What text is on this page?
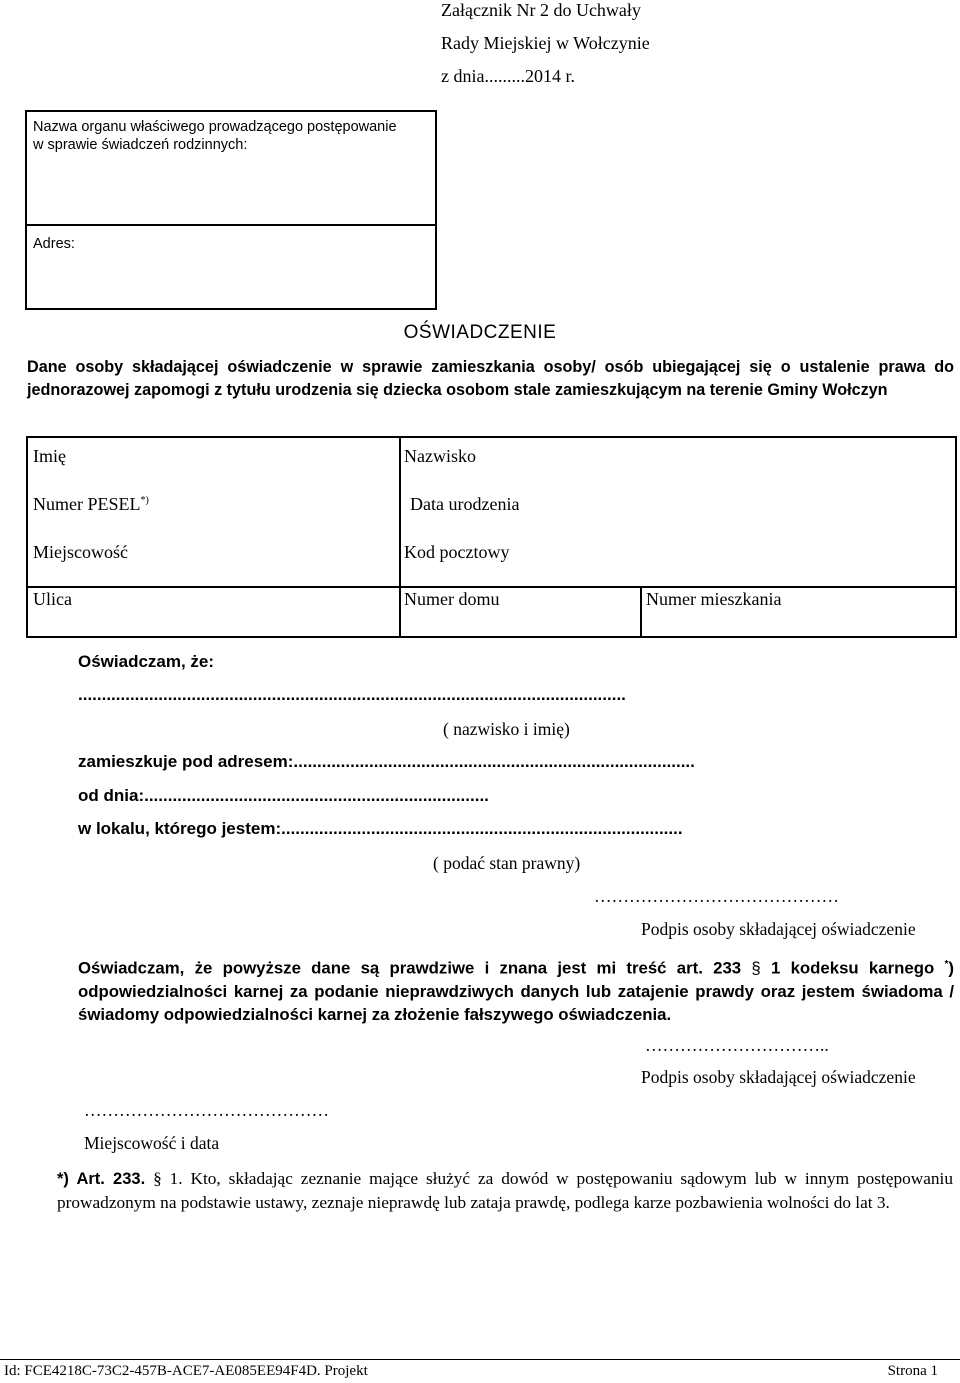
Załącznik Nr 2 do Uchwały
Rady Miejskiej w Wołczynie
z dnia.........2014 r.
Nazwa organu właściwego prowadzącego postępowanie
w sprawie świadczeń rodzinnych:
Adres:
OŚWIADCZENIE
Dane osoby składającej oświadczenie w sprawie zamieszkania osoby/ osób ubiegającej się o ustalenie prawa do jednorazowej zapomogi z tytułu urodzenia się dziecka osobom stale zamieszkującym na terenie Gminy Wołczyn
Imię	Nazwisko
Numer PESEL*)	Data urodzenia
Miejscowość	Kod pocztowy
Ulica	Numer domu	Numer mieszkania
Oświadczam, że:
....................................................................................................................
( nazwisko i imię)
zamieszkuje pod adresem:.....................................................................................
od dnia:.........................................................................
w lokalu, którego jestem:.....................................................................................
( podać stan prawny)
……………………………………
Podpis osoby składającej oświadczenie
Oświadczam, że powyższe dane są prawdziwe i znana jest mi treść art. 233 § 1 kodeksu karnego *) odpowiedzialności karnej za podanie nieprawdziwych danych lub zatajenie prawdy oraz jestem świadoma /świadomy odpowiedzialności karnej za złożenie fałszywego oświadczenia.
…………………………..
Podpis osoby składającej oświadczenie
……………………………………
Miejscowość i data
*) Art. 233. § 1. Kto, składając zeznanie mające służyć za dowód w postępowaniu sądowym lub w innym postępowaniu prowadzonym na podstawie ustawy, zeznaje nieprawdę lub zataja prawdę, podlega karze pozbawienia wolności do lat 3.
Id: FCE4218C-73C2-457B-ACE7-AE085EE94F4D. Projekt	Strona 1
